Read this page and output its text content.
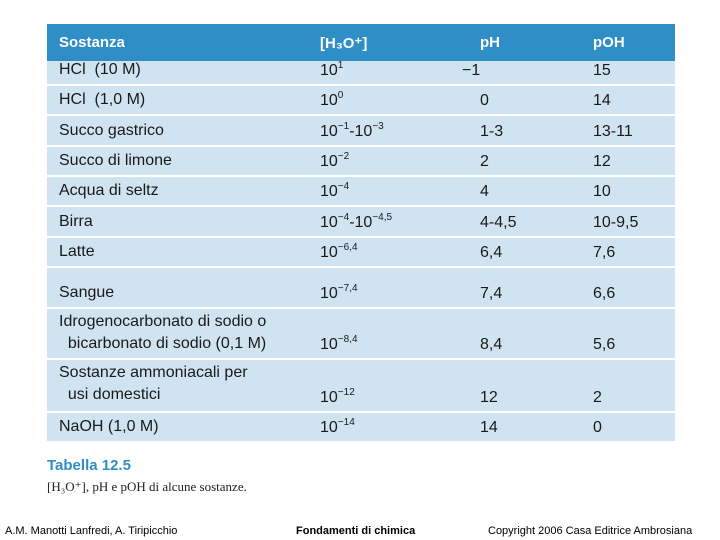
Sostanza	[H₃O⁺]	pH	pOH
HCl  (10 M)	$10^1$	−1	15
HCl  (1,0 M)	$10^0$	0	14
Succo gastrico	$10^{-1}-10^{-3}$	1-3	13-11
Succo di limone	$10^{-2}$	2	12
Acqua di seltz	$10^{-4}$	4	10
Birra	$10^{-4}-10^{-4,5}$	4-4,5	10-9,5
Latte	$10^{-6,4}$	6,4	7,6
Sangue	$10^{-7,4}$	7,4	6,6
Idrogenocarbonato di sodio o
bicarbonato di sodio (0,1 M)	$10^{-8,4}$	8,4	5,6
Sostanze ammoniacali per
usi domestici	$10^{-12}$	12	2
NaOH (1,0 M)	$10^{-14}$	14	0
Tabella 12.5
[H₃O⁺], pH e pOH di alcune sostanze.
A.M. Manotti Lanfredi, A. Tiripicchio	Fondamenti di chimica	Copyright 2006 Casa Editrice Ambrosiana
